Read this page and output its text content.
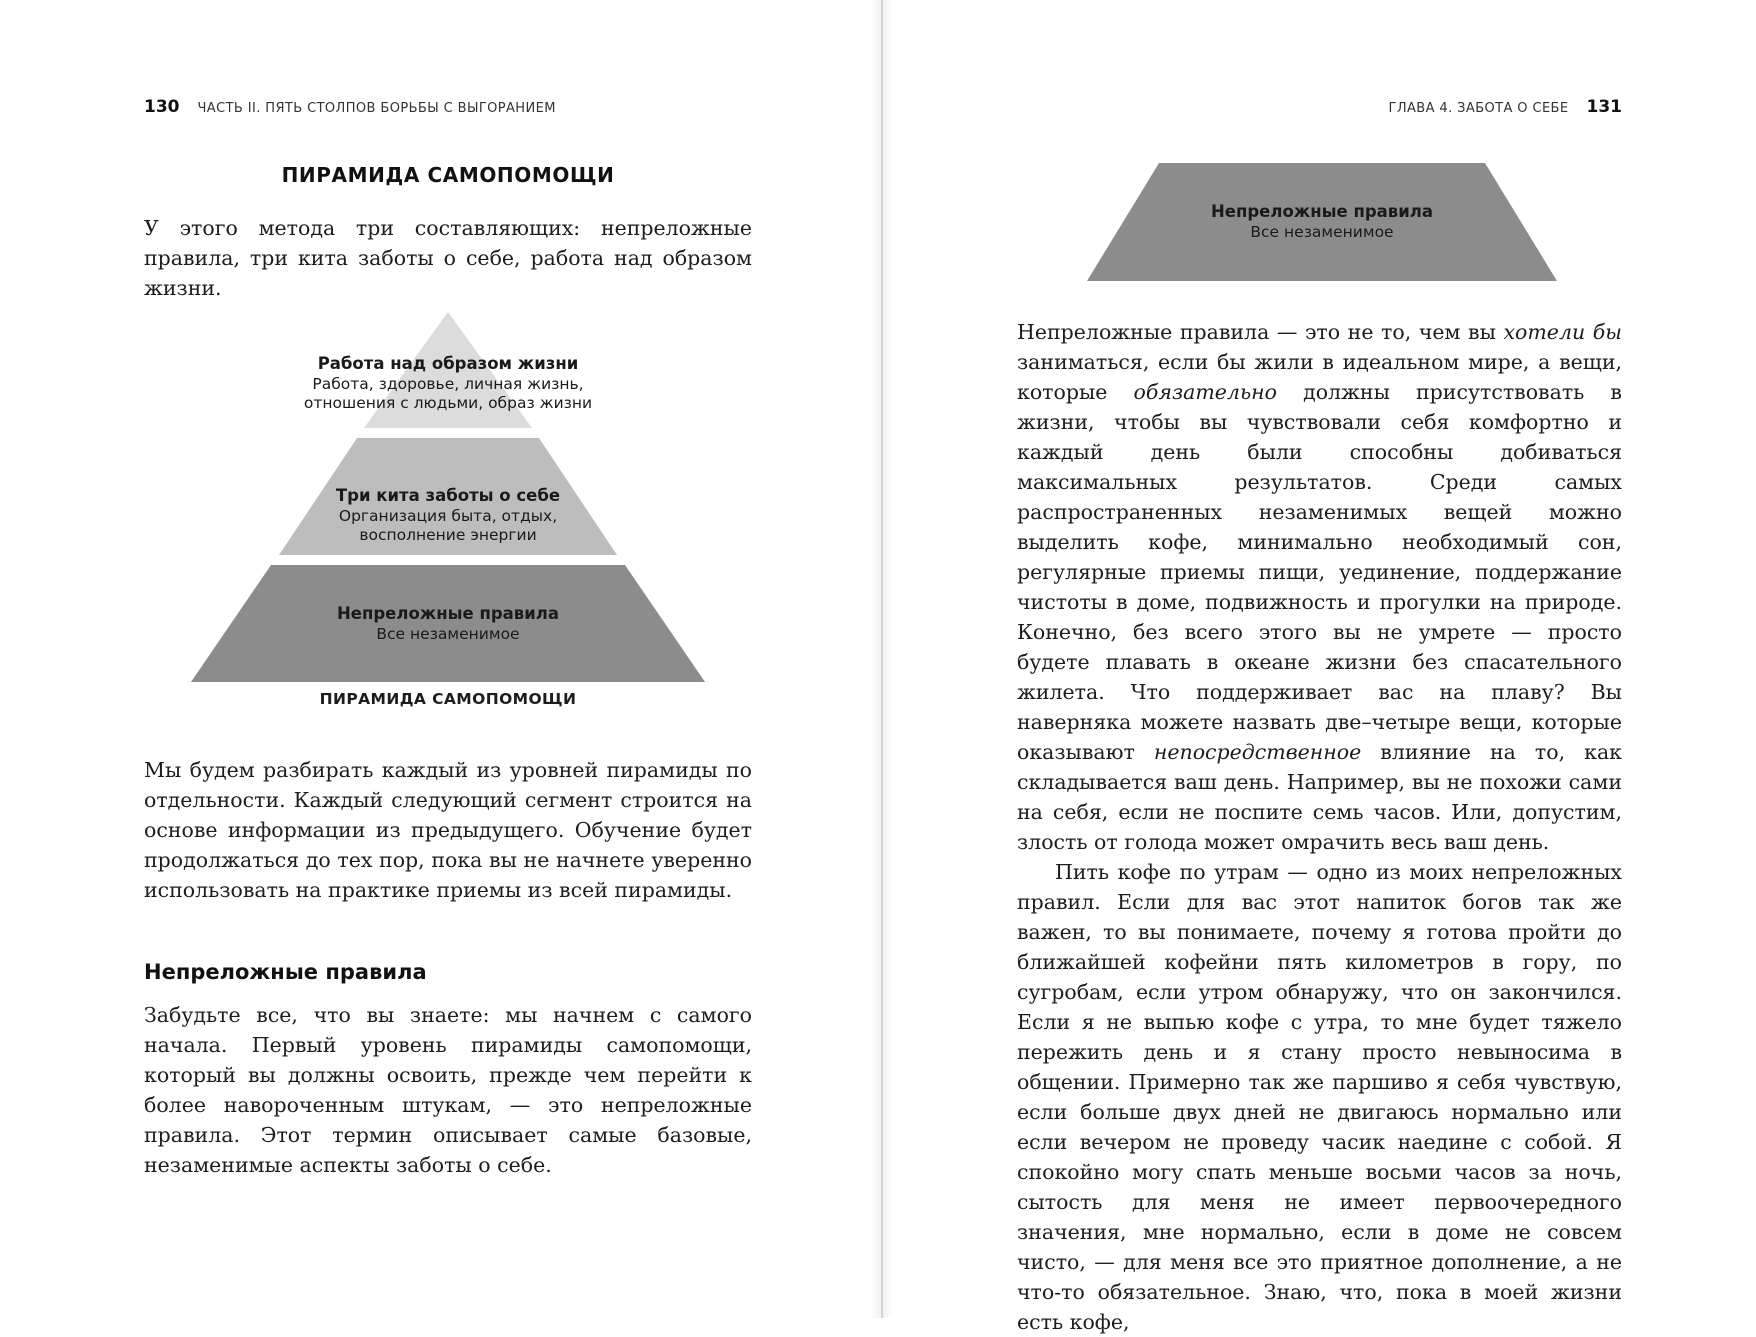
130 ЧАСТЬ II. ПЯТЬ СТОЛПОВ БОРЬБЫ С ВЫГОРАНИЕМ
ПИРАМИДА САМОПОМОЩИ

У этого метода три составляющих: непреложные правила, три кита заботы о себе, работа над образом жизни.

Работа над образом жизни
Работа, здоровье, личная жизнь,
отношения с людьми, образ жизни
Три кита заботы о себе
Организация быта, отдых,
восполнение энергии
Непреложные правила
Все незаменимое
ПИРАМИДА САМОПОМОЩИ

Мы будем разбирать каждый из уровней пирамиды по отдельности. Каждый следующий сегмент строится на основе информации из предыдущего. Обучение будет продолжаться до тех пор, пока вы не начнете уверенно использовать на практике приемы из всей пирамиды.

Непреложные правила

Забудьте все, что вы знаете: мы начнем с самого начала. Первый уровень пирамиды самопомощи, который вы должны освоить, прежде чем перейти к более навороченным штукам, — это непреложные правила. Этот термин описывает самые базовые, незаменимые аспекты заботы о себе.

ГЛАВА 4. ЗАБОТА О СЕБЕ 131
Непреложные правила
Все незаменимое

Непреложные правила — это не то, чем вы хотели бы заниматься, если бы жили в идеальном мире, а вещи, которые обязательно должны присутствовать в жизни, чтобы вы чувствовали себя комфортно и каждый день были способны добиваться максимальных результатов. Среди самых распространенных незаменимых вещей можно выделить кофе, минимально необходимый сон, регулярные приемы пищи, уединение, поддержание чистоты в доме, подвижность и прогулки на природе. Конечно, без всего этого вы не умрете — просто будете плавать в океане жизни без спасательного жилета. Что поддерживает вас на плаву? Вы наверняка можете назвать две–четыре вещи, которые оказывают непосредственное влияние на то, как складывается ваш день. Например, вы не похожи сами на себя, если не поспите семь часов. Или, допустим, злость от голода может омрачить весь ваш день.

Пить кофе по утрам — одно из моих непреложных правил. Если для вас этот напиток богов так же важен, то вы понимаете, почему я готова пройти до ближайшей кофейни пять километров в гору, по сугробам, если утром обнаружу, что он закончился. Если я не выпью кофе с утра, то мне будет тяжело пережить день и я стану просто невыносима в общении. Примерно так же паршиво я себя чувствую, если больше двух дней не двигаюсь нормально или если вечером не проведу часик наедине с собой. Я спокойно могу спать меньше восьми часов за ночь, сытость для меня не имеет первоочередного значения, мне нормально, если в доме не совсем чисто, — для меня все это приятное дополнение, а не что-то обязательное. Знаю, что, пока в моей жизни есть кофе,
